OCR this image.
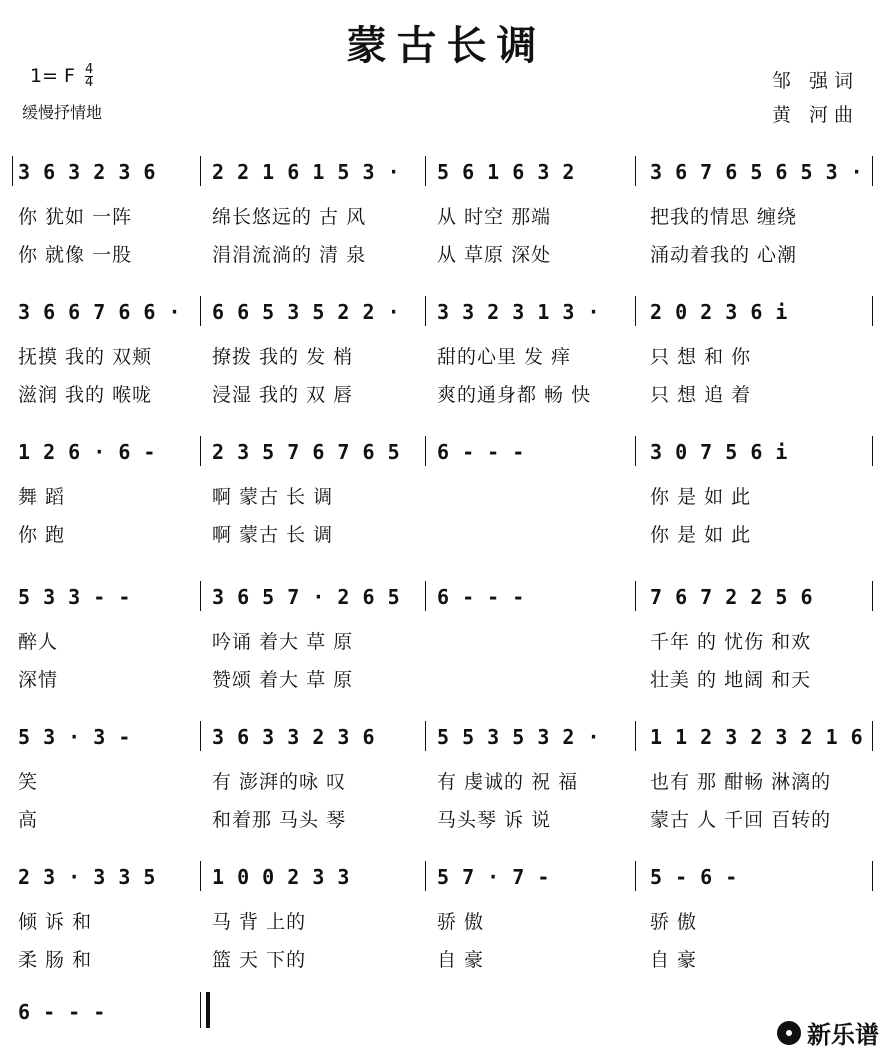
蒙古长调
1= F $\frac{4}{4}$
缓慢抒情地
邹 强词
黄 河曲
3 6 3 2 3 6
你 犹如 一阵
你 就像 一股
2 2 1 6 1 5 3 ·
绵长悠远的 古 风
涓涓流淌的 清 泉
5 6 1 6 3 2
从 时空 那端
从 草原 深处
3 6 7 6 5 6 5 3 ·
把我的情思 缠绕
涌动着我的 心潮
3 6 6 7 6 6 ·
抚摸 我的 双颊
滋润 我的 喉咙
6 6 5 3 5 2 2 ·
撩拨 我的 发 梢
浸湿 我的 双 唇
3 3 2 3 1 3 ·
甜的心里 发 痒
爽的通身都 畅 快
2 0 2 3 6 i
只 想 和 你
只 想 追 着
1 2 6 · 6 -
舞 蹈
你 跑
2 3 5 7 6 7 6 5
啊 蒙古 长 调
啊 蒙古 长 调
6 - - -	3 0 7 5 6 i
你 是 如 此
你 是 如 此
5 3 3 - -
醉人
深情
3 6 5 7 · 2 6 5
吟诵 着大 草 原
赞颂 着大 草 原
6 - - -	7 6 7 2 2 5 6
千年 的 忧伤 和欢
壮美 的 地阔 和天
5 3 · 3 -
笑
高
3 6 3 3 2 3 6
有 澎湃的咏 叹
和着那 马头 琴
5 5 3 5 3 2 ·
有 虔诚的 祝 福
马头琴 诉 说
1 1 2 3 2 3 2 1 6
也有 那 酣畅 淋漓的
蒙古 人 千回 百转的
2 3 · 3 3 5
倾 诉 和
柔 肠 和
1 0 0 2 3 3
马 背 上的
篮 天 下的
5 7 · 7 -
骄 傲
自 豪
5 - 6 -
骄 傲
自 豪
6 - - -
新乐谱
